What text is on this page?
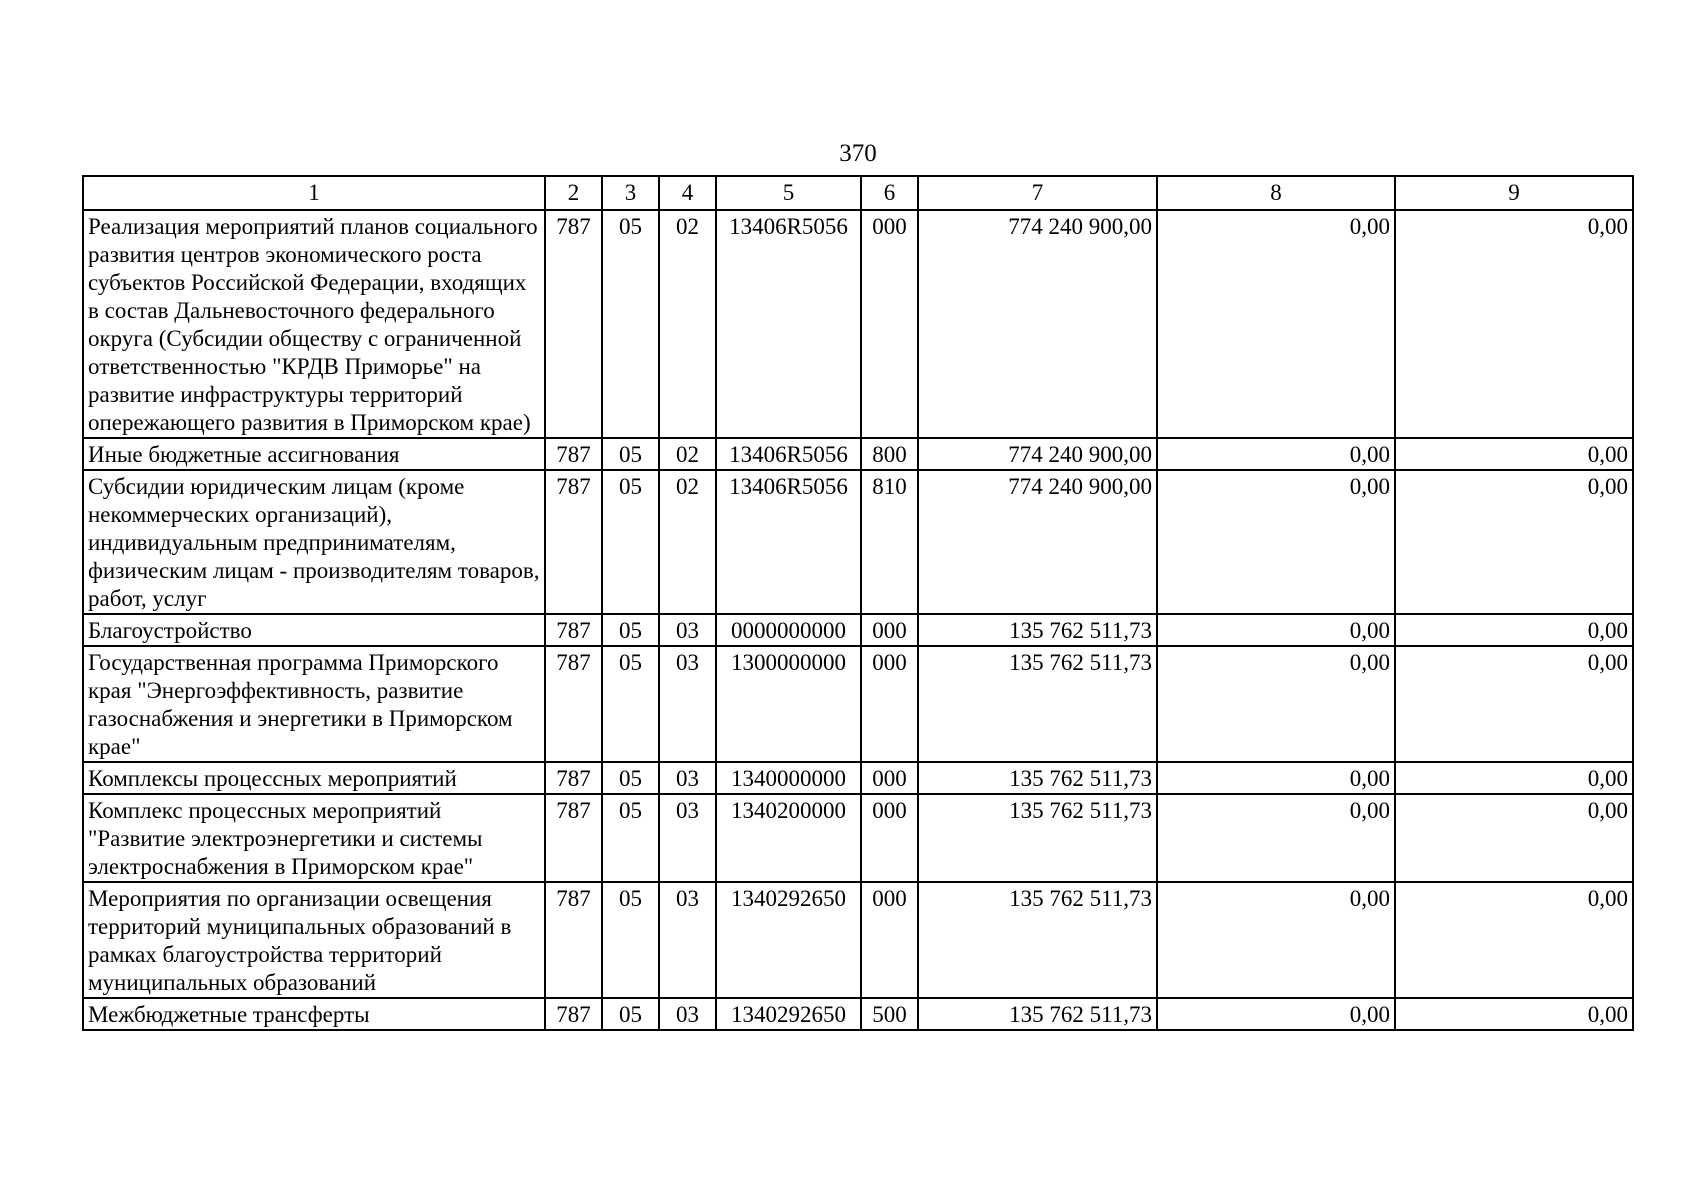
370
1	2	3	4	5	6	7	8	9
Реализация мероприятий планов социального развития центров экономического роста субъектов Российской Федерации, входящих в состав Дальневосточного федерального округа (Субсидии обществу с ограниченной ответственностью "КРДВ Приморье" на развитие инфраструктуры территорий опережающего развития в Приморском крае)	787	05	02	13406R5056	000	774 240 900,00	0,00	0,00
Иные бюджетные ассигнования	787	05	02	13406R5056	800	774 240 900,00	0,00	0,00
Субсидии юридическим лицам (кроме некоммерческих организаций), индивидуальным предпринимателям, физическим лицам - производителям товаров, работ, услуг	787	05	02	13406R5056	810	774 240 900,00	0,00	0,00
Благоустройство	787	05	03	0000000000	000	135 762 511,73	0,00	0,00
Государственная программа Приморского края "Энергоэффективность, развитие газоснабжения и энергетики в Приморском крае"	787	05	03	1300000000	000	135 762 511,73	0,00	0,00
Комплексы процессных мероприятий	787	05	03	1340000000	000	135 762 511,73	0,00	0,00
Комплекс процессных мероприятий "Развитие электроэнергетики и системы электроснабжения в Приморском крае"	787	05	03	1340200000	000	135 762 511,73	0,00	0,00
Мероприятия по организации освещения территорий муниципальных образований в рамках благоустройства территорий муниципальных образований	787	05	03	1340292650	000	135 762 511,73	0,00	0,00
Межбюджетные трансферты	787	05	03	1340292650	500	135 762 511,73	0,00	0,00
